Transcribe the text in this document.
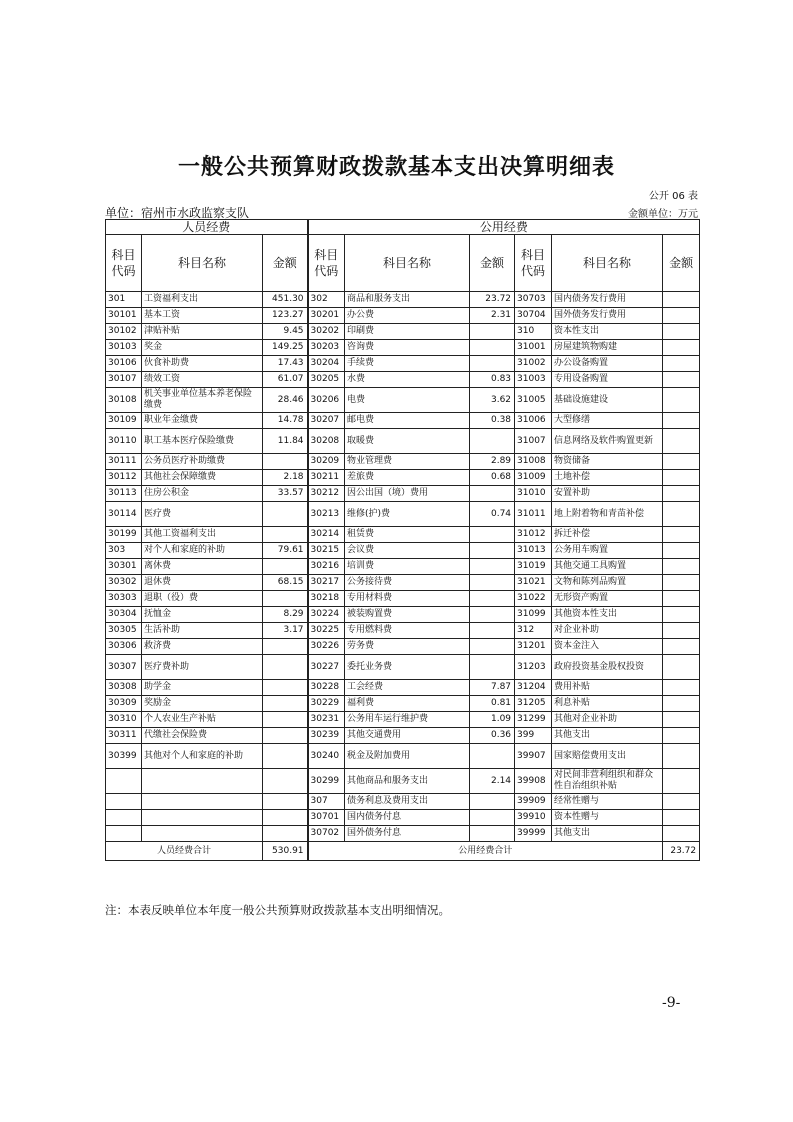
一般公共预算财政拨款基本支出决算明细表
公开 06 表
单位：宿州市水政监察支队	金额单位：万元
人员经费			公用经费					
科目代码	科目名称	金额	科目代码	科目名称	金额	科目代码	科目名称	金额
301	工资福利支出	451.30	302	商品和服务支出	23.72	30703	国内债务发行费用	
30101	基本工资	123.27	30201	办公费	2.31	30704	国外债务发行费用	
30102	津贴补贴	9.45	30202	印刷费		310	资本性支出	
30103	奖金	149.25	30203	咨询费		31001	房屋建筑物购建	
30106	伙食补助费	17.43	30204	手续费		31002	办公设备购置	
30107	绩效工资	61.07	30205	水费	0.83	31003	专用设备购置	
30108	机关事业单位基本养老保险缴费	28.46	30206	电费	3.62	31005	基础设施建设	
30109	职业年金缴费	14.78	30207	邮电费	0.38	31006	大型修缮	
30110	职工基本医疗保险缴费	11.84	30208	取暖费		31007	信息网络及软件购置更新	
30111	公务员医疗补助缴费		30209	物业管理费	2.89	31008	物资储备	
30112	其他社会保障缴费	2.18	30211	差旅费	0.68	31009	土地补偿	
30113	住房公积金	33.57	30212	因公出国（境）费用		31010	安置补助	
30114	医疗费		30213	维修(护)费	0.74	31011	地上附着物和青苗补偿	
30199	其他工资福利支出		30214	租赁费		31012	拆迁补偿	
303	对个人和家庭的补助	79.61	30215	会议费		31013	公务用车购置	
30301	离休费		30216	培训费		31019	其他交通工具购置	
30302	退休费	68.15	30217	公务接待费		31021	文物和陈列品购置	
30303	退职（役）费		30218	专用材料费		31022	无形资产购置	
30304	抚恤金	8.29	30224	被装购置费		31099	其他资本性支出	
30305	生活补助	3.17	30225	专用燃料费		312	对企业补助	
30306	救济费		30226	劳务费		31201	资本金注入	
30307	医疗费补助		30227	委托业务费		31203	政府投资基金股权投资	
30308	助学金		30228	工会经费	7.87	31204	费用补贴	
30309	奖励金		30229	福利费	0.81	31205	利息补贴	
30310	个人农业生产补贴		30231	公务用车运行维护费	1.09	31299	其他对企业补助	
30311	代缴社会保险费		30239	其他交通费用	0.36	399	其他支出	
30399	其他对个人和家庭的补助		30240	税金及附加费用		39907	国家赔偿费用支出	
			30299	其他商品和服务支出	2.14	39908	对民间非营利组织和群众性自治组织补贴	
			307	债务利息及费用支出		39909	经常性赠与	
			30701	国内债务付息		39910	资本性赠与	
			30702	国外债务付息		39999	其他支出	
人员经费合计		530.91	公用经费合计					23.72
注：本表反映单位本年度一般公共预算财政拨款基本支出明细情况。
-9-
